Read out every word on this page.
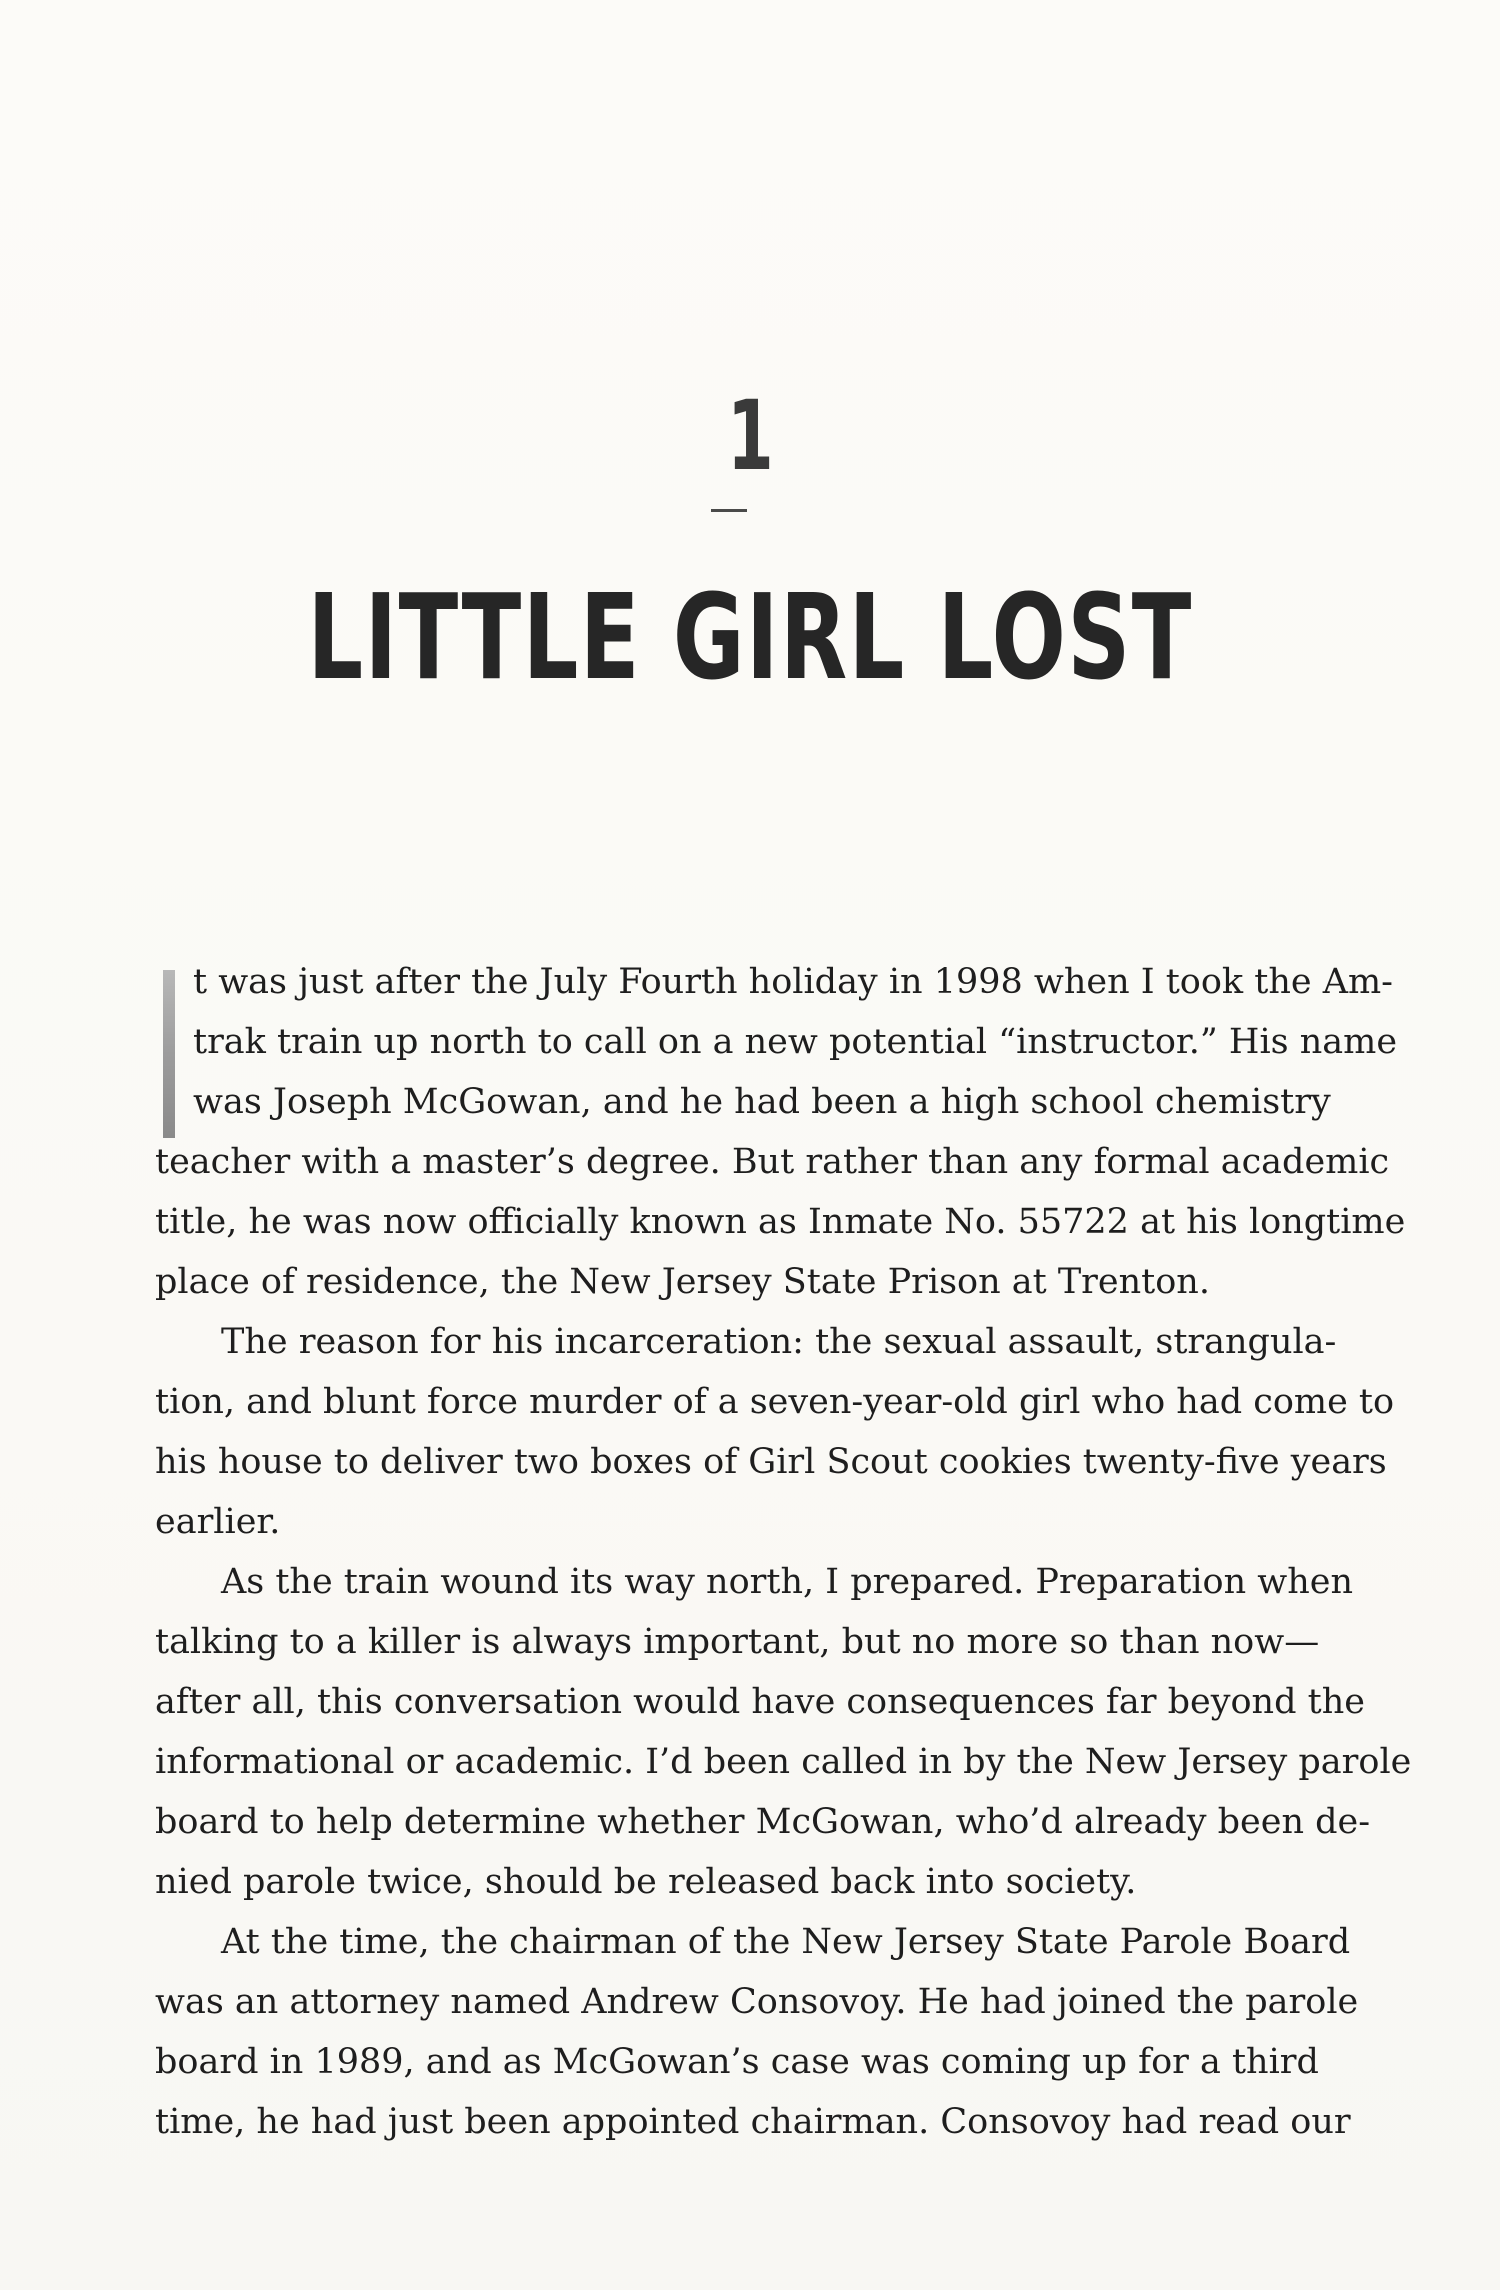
1
LITTLE GIRL LOST
t was just after the July Fourth holiday in 1998 when I took the Am-
trak train up north to call on a new potential “instructor.” His name
was Joseph McGowan, and he had been a high school chemistry
teacher with a master’s degree. But rather than any formal academic
title, he was now officially known as Inmate No. 55722 at his longtime
place of residence, the New Jersey State Prison at Trenton.
The reason for his incarceration: the sexual assault, strangula-
tion, and blunt force murder of a seven-year-old girl who had come to
his house to deliver two boxes of Girl Scout cookies twenty-five years
earlier.
As the train wound its way north, I prepared. Preparation when
talking to a killer is always important, but no more so than now—
after all, this conversation would have consequences far beyond the
informational or academic. I’d been called in by the New Jersey parole
board to help determine whether McGowan, who’d already been de-
nied parole twice, should be released back into society.
At the time, the chairman of the New Jersey State Parole Board
was an attorney named Andrew Consovoy. He had joined the parole
board in 1989, and as McGowan’s case was coming up for a third
time, he had just been appointed chairman. Consovoy had read our
